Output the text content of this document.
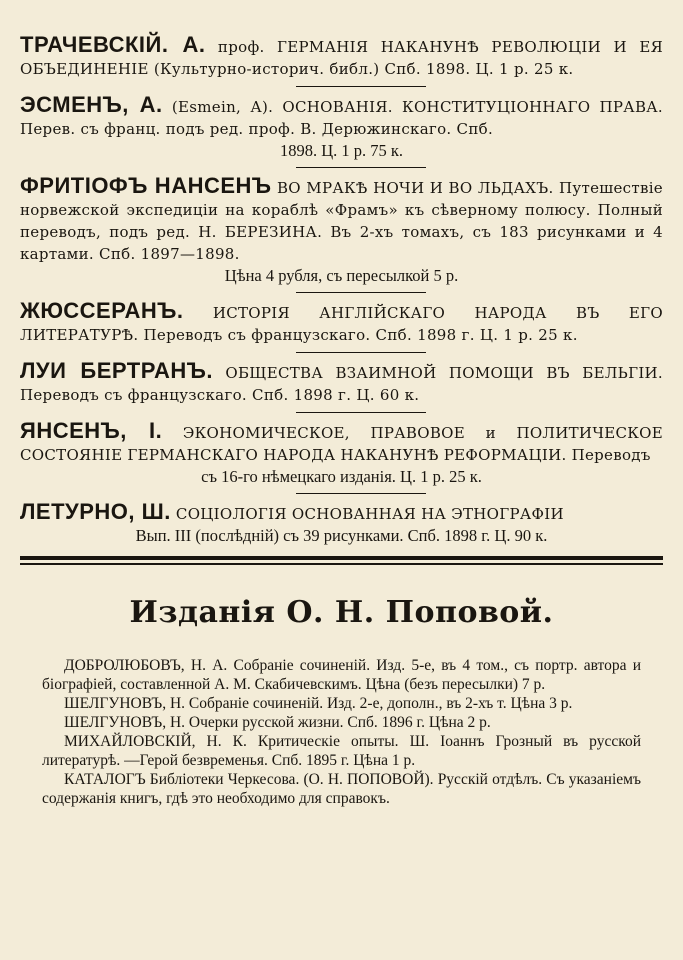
ТРАЧЕВСКІЙ. А. проф. ГЕРМАНІЯ НАКАНУНѢ РЕВОЛЮЦІИ И ЕЯ ОБЪЕДИНЕНІЕ (Культурно-историч. библ.) Спб. 1898. Ц. 1 р. 25 к.

ЭСМЕНЪ, А. (Esmein, А). ОСНОВАНІЯ. КОНСТИТУЦІОННАГО ПРАВА. Перев. съ франц. подъ ред. проф. В. Дерюжинскаго. Спб.
1898. Ц. 1 р. 75 к.

ФРИТІОФЪ НАНСЕНЪ ВО МРАКѢ НОЧИ И ВО ЛЬДАХЪ. Путешествіе норвежской экспедиціи на кораблѣ «Фрамъ» къ сѣверному полюсу. Полный переводъ, подъ ред. Н. БЕРЕЗИНА. Въ 2-хъ томахъ, съ 183 рисунками и 4 картами. Спб. 1897—1898.
Цѣна 4 рубля, съ пересылкой 5 р.

ЖЮССЕРАНЪ. ИСТОРІЯ АНГЛІЙСКАГО НАРОДА ВЪ ЕГО ЛИТЕРАТУРѢ. Переводъ съ французскаго. Спб. 1898 г. Ц. 1 р. 25 к.

ЛУИ БЕРТРАНЪ. ОБЩЕСТВА ВЗАИМНОЙ ПОМОЩИ ВЪ БЕЛЬГІИ. Переводъ съ французскаго. Спб. 1898 г. Ц. 60 к.

ЯНСЕНЪ, І. ЭКОНОМИЧЕСКОЕ, ПРАВОВОЕ и ПОЛИТИЧЕСКОЕ СОСТОЯНІЕ ГЕРМАНСКАГО НАРОДА НАКАНУНѢ РЕФОРМАЦІИ. Переводъ
съ 16-го нѣмецкаго изданія. Ц. 1 р. 25 к.

ЛЕТУРНО, Ш. СОЦІОЛОГІЯ ОСНОВАННАЯ НА ЭТНОГРАФІИ
Вып. III (послѣдній) съ 39 рисунками. Спб. 1898 г. Ц. 90 к.

Изданія О. Н. Поповой.

ДОБРОЛЮБОВЪ, Н. А. Собраніе сочиненій. Изд. 5-е, въ 4 том., съ портр. автора и біографіей, составленной А. М. Скабичевскимъ. Цѣна (безъ пересылки) 7 р.

ШЕЛГУНОВЪ, Н. Собраніе сочиненій. Изд. 2-е, дополн., въ 2-хъ т. Цѣна 3 р.

ШЕЛГУНОВЪ, Н. Очерки русской жизни. Спб. 1896 г. Цѣна 2 р.

МИХАЙЛОВСКІЙ, Н. К. Критическіе опыты. Ш. Іоаннъ Грозный въ русской литературѣ. —Герой безвременья. Спб. 1895 г. Цѣна 1 р.

КАТАЛОГЪ Библіотеки Черкесова. (О. Н. ПОПОВОЙ). Русскій отдѣлъ. Съ указаніемъ содержанія книгъ, гдѣ это необходимо для справокъ.
